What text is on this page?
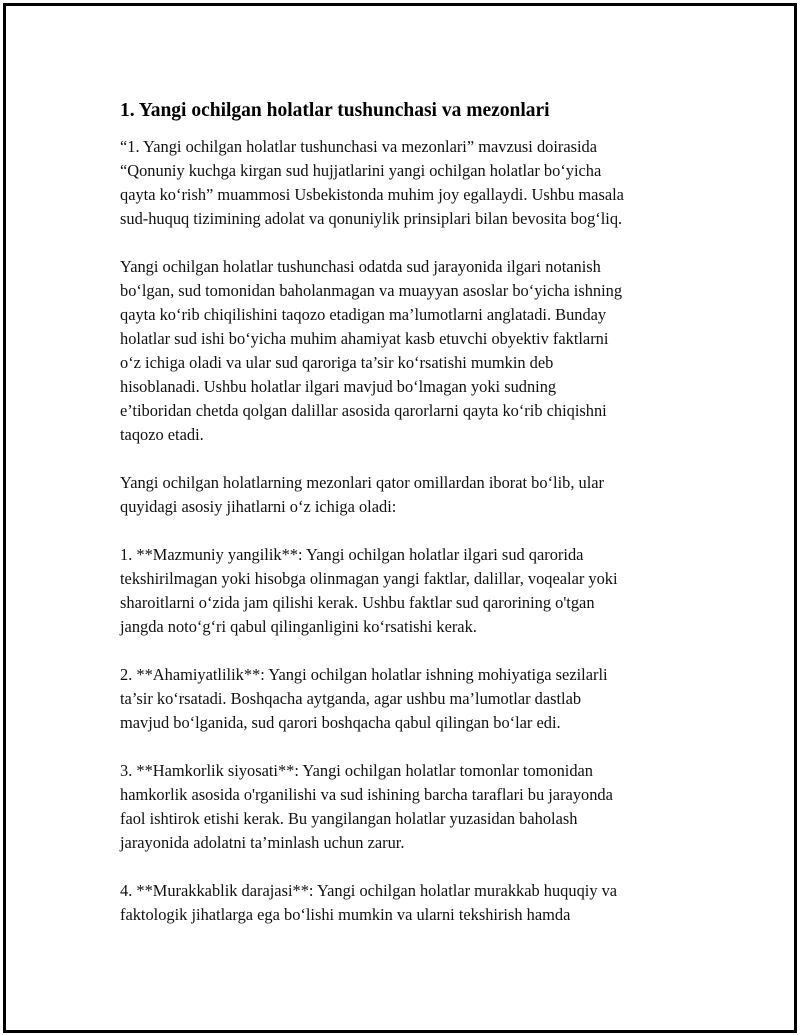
1. Yangi ochilgan holatlar tushunchasi va mezonlari

“1. Yangi ochilgan holatlar tushunchasi va mezonlari” mavzusi doirasida
“Qonuniy kuchga kirgan sud hujjatlarini yangi ochilgan holatlar bo‘yicha
qayta ko‘rish” muammosi Usbekistonda muhim joy egallaydi. Ushbu masala
sud-huquq tizimining adolat va qonuniylik prinsiplari bilan bevosita bog‘liq.

Yangi ochilgan holatlar tushunchasi odatda sud jarayonida ilgari notanish
bo‘lgan, sud tomonidan baholanmagan va muayyan asoslar bo‘yicha ishning
qayta ko‘rib chiqilishini taqozo etadigan ma’lumotlarni anglatadi. Bunday
holatlar sud ishi bo‘yicha muhim ahamiyat kasb etuvchi obyektiv faktlarni
o‘z ichiga oladi va ular sud qaroriga ta’sir ko‘rsatishi mumkin deb
hisoblanadi. Ushbu holatlar ilgari mavjud bo‘lmagan yoki sudning
e’tiboridan chetda qolgan dalillar asosida qarorlarni qayta ko‘rib chiqishni
taqozo etadi.

Yangi ochilgan holatlarning mezonlari qator omillardan iborat bo‘lib, ular
quyidagi asosiy jihatlarni o‘z ichiga oladi:

1. **Mazmuniy yangilik**: Yangi ochilgan holatlar ilgari sud qarorida
tekshirilmagan yoki hisobga olinmagan yangi faktlar, dalillar, voqealar yoki
sharoitlarni o‘zida jam qilishi kerak. Ushbu faktlar sud qarorining o'tgan
jangda noto‘g‘ri qabul qilinganligini ko‘rsatishi kerak.

2. **Ahamiyatlilik**: Yangi ochilgan holatlar ishning mohiyatiga sezilarli
ta’sir ko‘rsatadi. Boshqacha aytganda, agar ushbu ma’lumotlar dastlab
mavjud bo‘lganida, sud qarori boshqacha qabul qilingan bo‘lar edi.

3. **Hamkorlik siyosati**: Yangi ochilgan holatlar tomonlar tomonidan
hamkorlik asosida o'rganilishi va sud ishining barcha taraflari bu jarayonda
faol ishtirok etishi kerak. Bu yangilangan holatlar yuzasidan baholash
jarayonida adolatni ta’minlash uchun zarur.

4. **Murakkablik darajasi**: Yangi ochilgan holatlar murakkab huquqiy va
faktologik jihatlarga ega bo‘lishi mumkin va ularni tekshirish hamda
